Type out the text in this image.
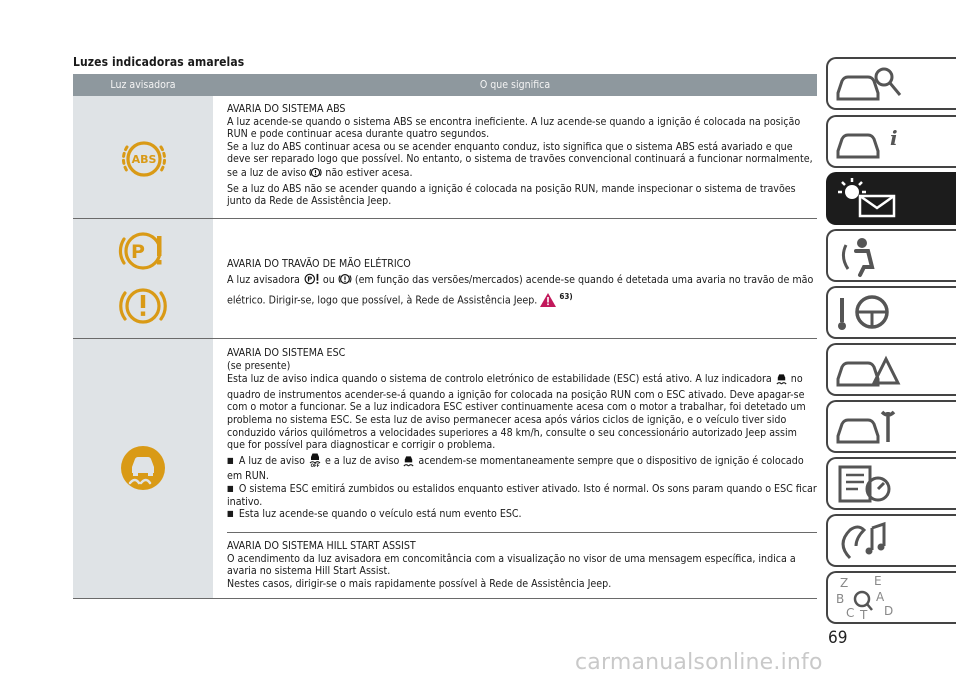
Luzes indicadoras amarelas
Luz avisadora	O que significa
ABS

AVARIA DO SISTEMA ABS

A luz acende-se quando o sistema ABS se encontra ineficiente. A luz acende-se quando a ignição é colocada na posição RUN e pode continuar acesa durante quatro segundos.

Se a luz do ABS continuar acesa ou se acender enquanto conduz, isto significa que o sistema ABS está avariado e que deve ser reparado logo que possível. No entanto, o sistema de travões convencional continuará a funcionar normalmente, se a luz de aviso não estiver acesa.

Se a luz do ABS não se acender quando a ignição é colocada na posição RUN, mande inspecionar o sistema de travões junto da Rede de Assistência Jeep.

P

AVARIA DO TRAVÃO DE MÃO ELÉTRICO

A luz avisadora P ou (em função das versões/mercados) acende-se quando é detetada uma avaria no travão de mão elétrico. Dirigir-se, logo que possível, à Rede de Assistência Jeep.	$^{63)}$

AVARIA DO SISTEMA ESC

(se presente)

Esta luz de aviso indica quando o sistema de controlo eletrónico de estabilidade (ESC) está ativo. A luz indicadora no quadro de instrumentos acender-se-á quando a ignição for colocada na posição RUN com o ESC ativado. Deve apagar-se com o motor a funcionar. Se a luz indicadora ESC estiver continuamente acesa com o motor a trabalhar, foi detetado um problema no sistema ESC. Se esta luz de aviso permanecer acesa após vários ciclos de ignição, e o veículo tiver sido conduzido vários quilómetros a velocidades superiores a 48 km/h, consulte o seu concessionário autorizado Jeep assim que for possível para diagnosticar e corrigir o problema.

■ A luz de aviso OFF e a luz de aviso acendem-se momentaneamente sempre que o dispositivo de ignição é colocado em RUN.

■ O sistema ESC emitirá zumbidos ou estalidos enquanto estiver ativado. Isto é normal. Os sons param quando o ESC ficar inativo.

■ Esta luz acende-se quando o veículo está num evento ESC.

AVARIA DO SISTEMA HILL START ASSIST

O acendimento da luz avisadora em concomitância com a visualização no visor de uma mensagem específica, indica a avaria no sistema Hill Start Assist.

Nestes casos, dirigir-se o mais rapidamente possível à Rede de Assistência Jeep.

i
Z E
B	A
C T D
69
carmanualsonline.info
